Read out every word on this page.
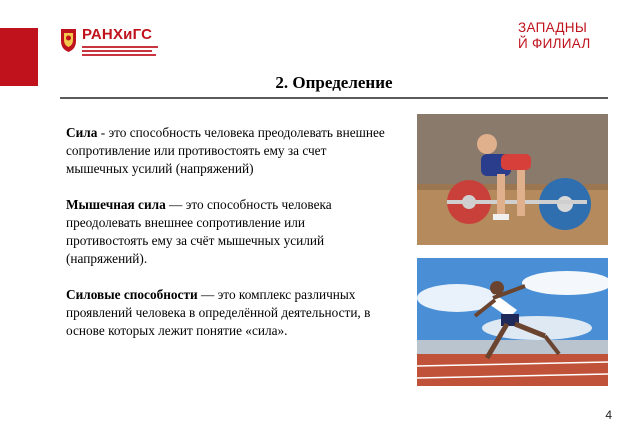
РАНХиГС	ЗАПАДНЫ
Й ФИЛИАЛ
2. Определение

Сила - это способность человека преодолевать внешнее сопротивление или противостоять ему за счет мышечных усилий (напряжений)

Мышечная сила — это способность человека преодолевать внешнее сопротивление или противостоять ему за счёт мышечных усилий (напряжений).

Силовые способности — это комплекс различных проявлений человека в определённой деятельности, в основе которых лежит понятие «сила».

4
